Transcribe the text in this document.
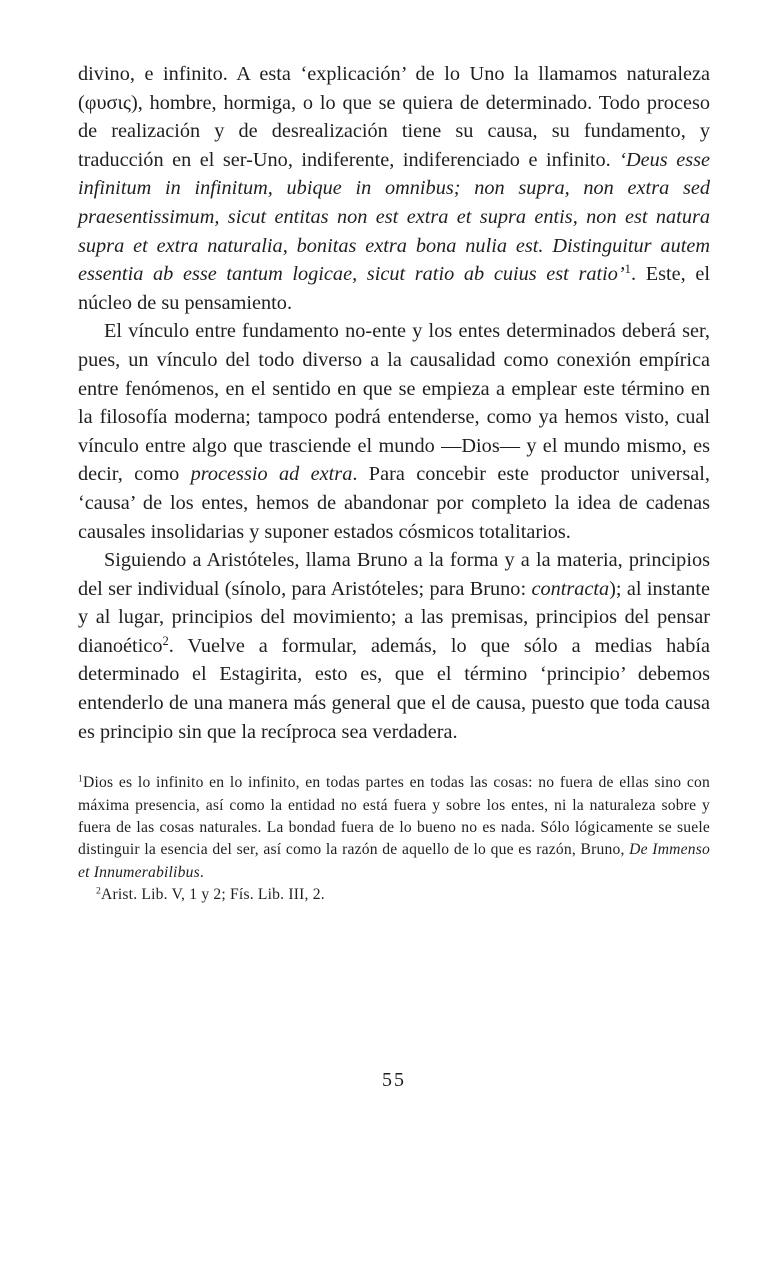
divino, e infinito. A esta ‘explicación’ de lo Uno la llamamos naturaleza (φυσις), hombre, hormiga, o lo que se quiera de determinado. Todo proceso de realización y de desrealización tiene su causa, su fundamento, y traducción en el ser-Uno, indiferente, indiferenciado e infinito. ‘Deus esse infinitum in infinitum, ubique in omnibus; non supra, non extra sed praesentissimum, sicut entitas non est extra et supra entis, non est natura supra et extra naturalia, bonitas extra bona nulia est. Distinguitur autem essentia ab esse tantum logicae, sicut ratio ab cuius est ratio’$^1$. Este, el núcleo de su pensamiento.

El vínculo entre fundamento no-ente y los entes determinados deberá ser, pues, un vínculo del todo diverso a la causalidad como conexión empírica entre fenómenos, en el sentido en que se empieza a emplear este término en la filosofía moderna; tampoco podrá entenderse, como ya hemos visto, cual vínculo entre algo que trasciende el mundo —Dios— y el mundo mismo, es decir, como processio ad extra. Para concebir este productor universal, ‘causa’ de los entes, hemos de abandonar por completo la idea de cadenas causales insolidarias y suponer estados cósmicos totalitarios.

Siguiendo a Aristóteles, llama Bruno a la forma y a la materia, principios del ser individual (sínolo, para Aristóteles; para Bruno: contracta); al instante y al lugar, principios del movimiento; a las premisas, principios del pensar dianoético$^2$. Vuelve a formular, además, lo que sólo a medias había determinado el Estagirita, esto es, que el término ‘principio’ debemos entenderlo de una manera más general que el de causa, puesto que toda causa es principio sin que la recíproca sea verdadera.

$^1$Dios es lo infinito en lo infinito, en todas partes en todas las cosas: no fuera de ellas sino con máxima presencia, así como la entidad no está fuera y sobre los entes, ni la naturaleza sobre y fuera de las cosas naturales. La bondad fuera de lo bueno no es nada. Sólo lógicamente se suele distinguir la esencia del ser, así como la razón de aquello de lo que es razón, Bruno, De Immenso et Innumerabilibus.

$^2$Arist. Lib. V, 1 y 2; Fís. Lib. III, 2.

55
